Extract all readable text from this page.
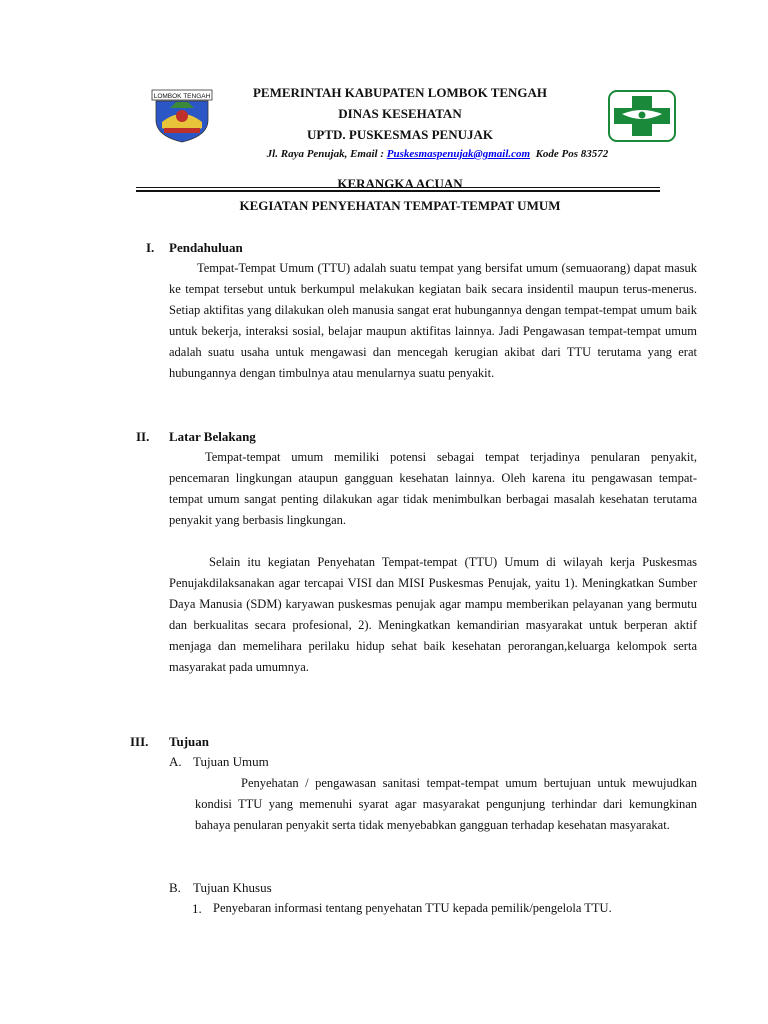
LOMBOK TENGAH	PEMERINTAH KABUPATEN LOMBOK TENGAH
DINAS KESEHATAN
UPTD. PUSKESMAS PENUJAK
Jl. Raya Penujak, Email : Puskesmaspenujak@gmail.com Kode Pos 83572
KERANGKA ACUAN
KEGIATAN PENYEHATAN TEMPAT-TEMPAT UMUM
I. Pendahuluan
Tempat-Tempat Umum (TTU) adalah suatu tempat yang bersifat umum (semuaorang) dapat masuk ke tempat tersebut untuk berkumpul melakukan kegiatan baik secara insidentil maupun terus-menerus. Setiap aktifitas yang dilakukan oleh manusia sangat erat hubungannya dengan tempat-tempat umum baik untuk bekerja, interaksi sosial, belajar maupun aktifitas lainnya. Jadi Pengawasan tempat-tempat umum adalah suatu usaha untuk mengawasi dan mencegah kerugian akibat dari TTU terutama yang erat hubungannya dengan timbulnya atau menularnya suatu penyakit.
II. Latar Belakang
Tempat-tempat umum memiliki potensi sebagai tempat terjadinya penularan penyakit, pencemaran lingkungan ataupun gangguan kesehatan lainnya. Oleh karena itu pengawasan tempat-tempat umum sangat penting dilakukan agar tidak menimbulkan berbagai masalah kesehatan terutama penyakit yang berbasis lingkungan.
Selain itu kegiatan Penyehatan Tempat-tempat (TTU) Umum di wilayah kerja Puskesmas Penujakdilaksanakan agar tercapai VISI dan MISI Puskesmas Penujak, yaitu 1). Meningkatkan Sumber Daya Manusia (SDM) karyawan puskesmas penujak agar mampu memberikan pelayanan yang bermutu dan berkualitas secara profesional, 2). Meningkatkan kemandirian masyarakat untuk berperan aktif menjaga dan memelihara perilaku hidup sehat baik kesehatan perorangan,keluarga kelompok serta masyarakat pada umumnya.
III. Tujuan
A. Tujuan Umum
Penyehatan / pengawasan sanitasi tempat-tempat umum bertujuan untuk mewujudkan kondisi TTU yang memenuhi syarat agar masyarakat pengunjung terhindar dari kemungkinan bahaya penularan penyakit serta tidak menyebabkan gangguan terhadap kesehatan masyarakat.
B. Tujuan Khusus
1. Penyebaran informasi tentang penyehatan TTU kepada pemilik/pengelola TTU.
